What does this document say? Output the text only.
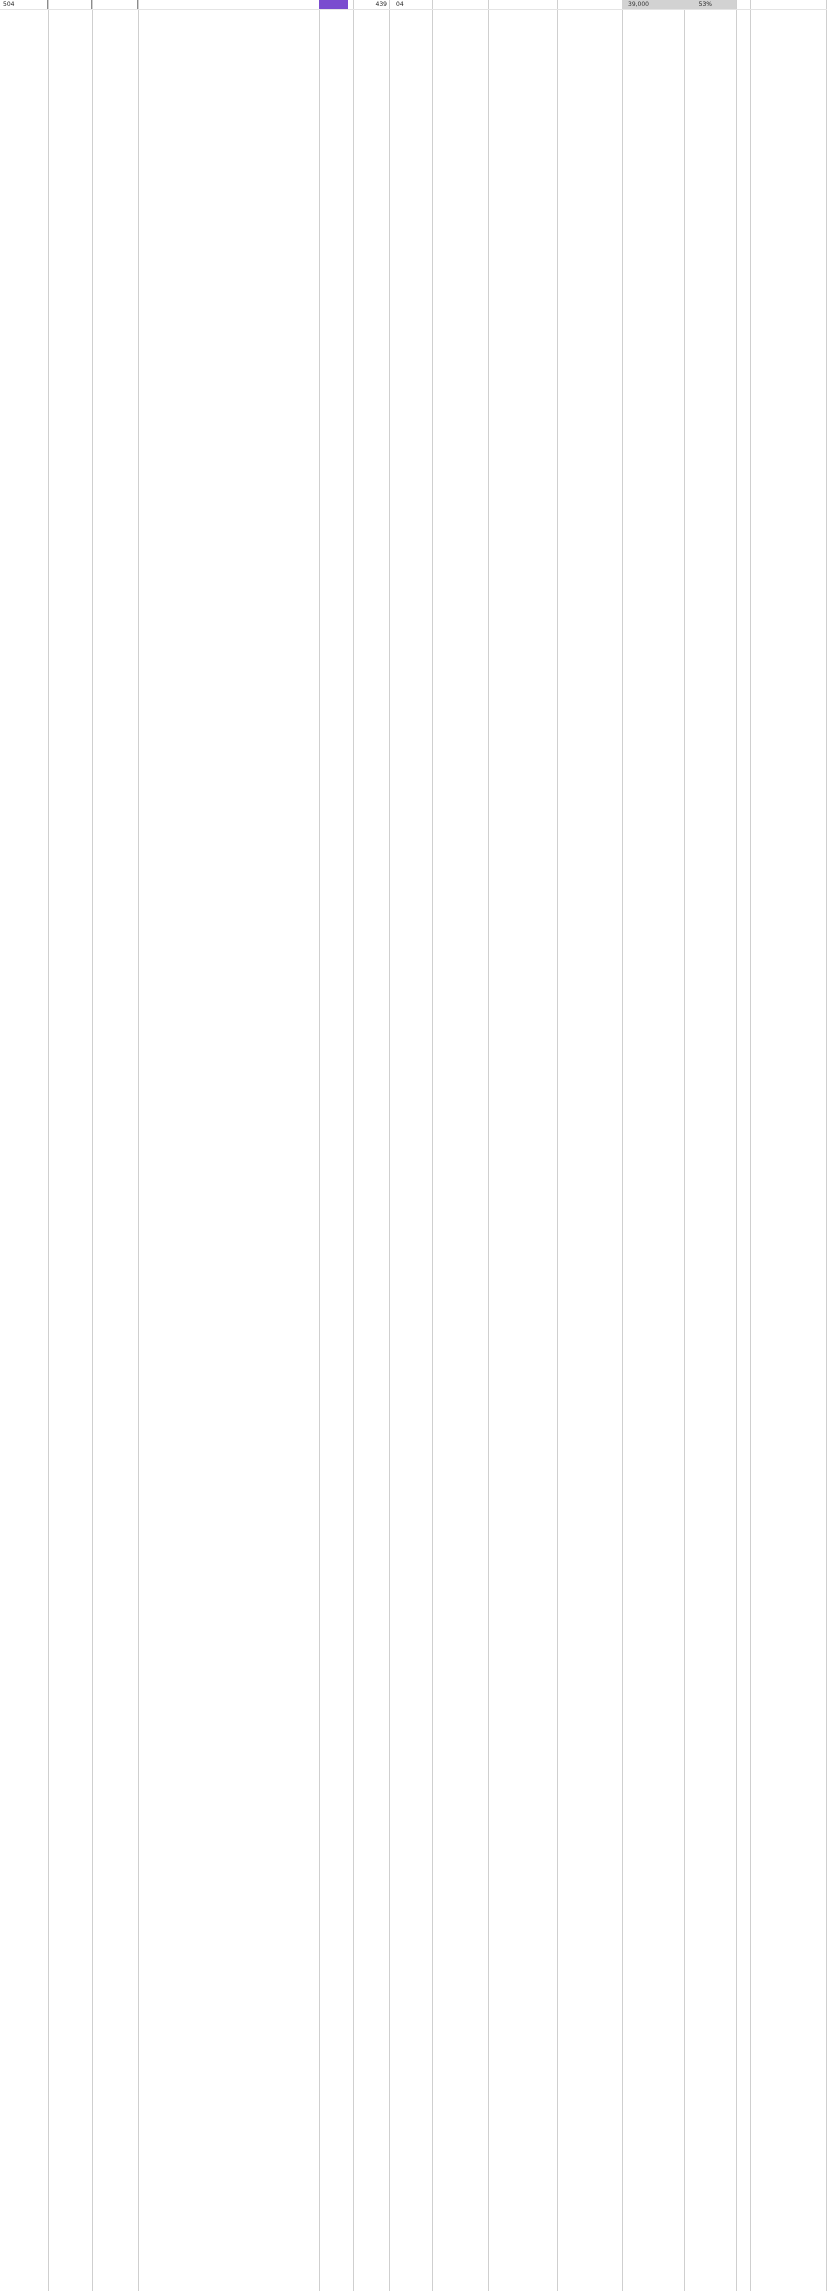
504	439	04	39,000	53%
